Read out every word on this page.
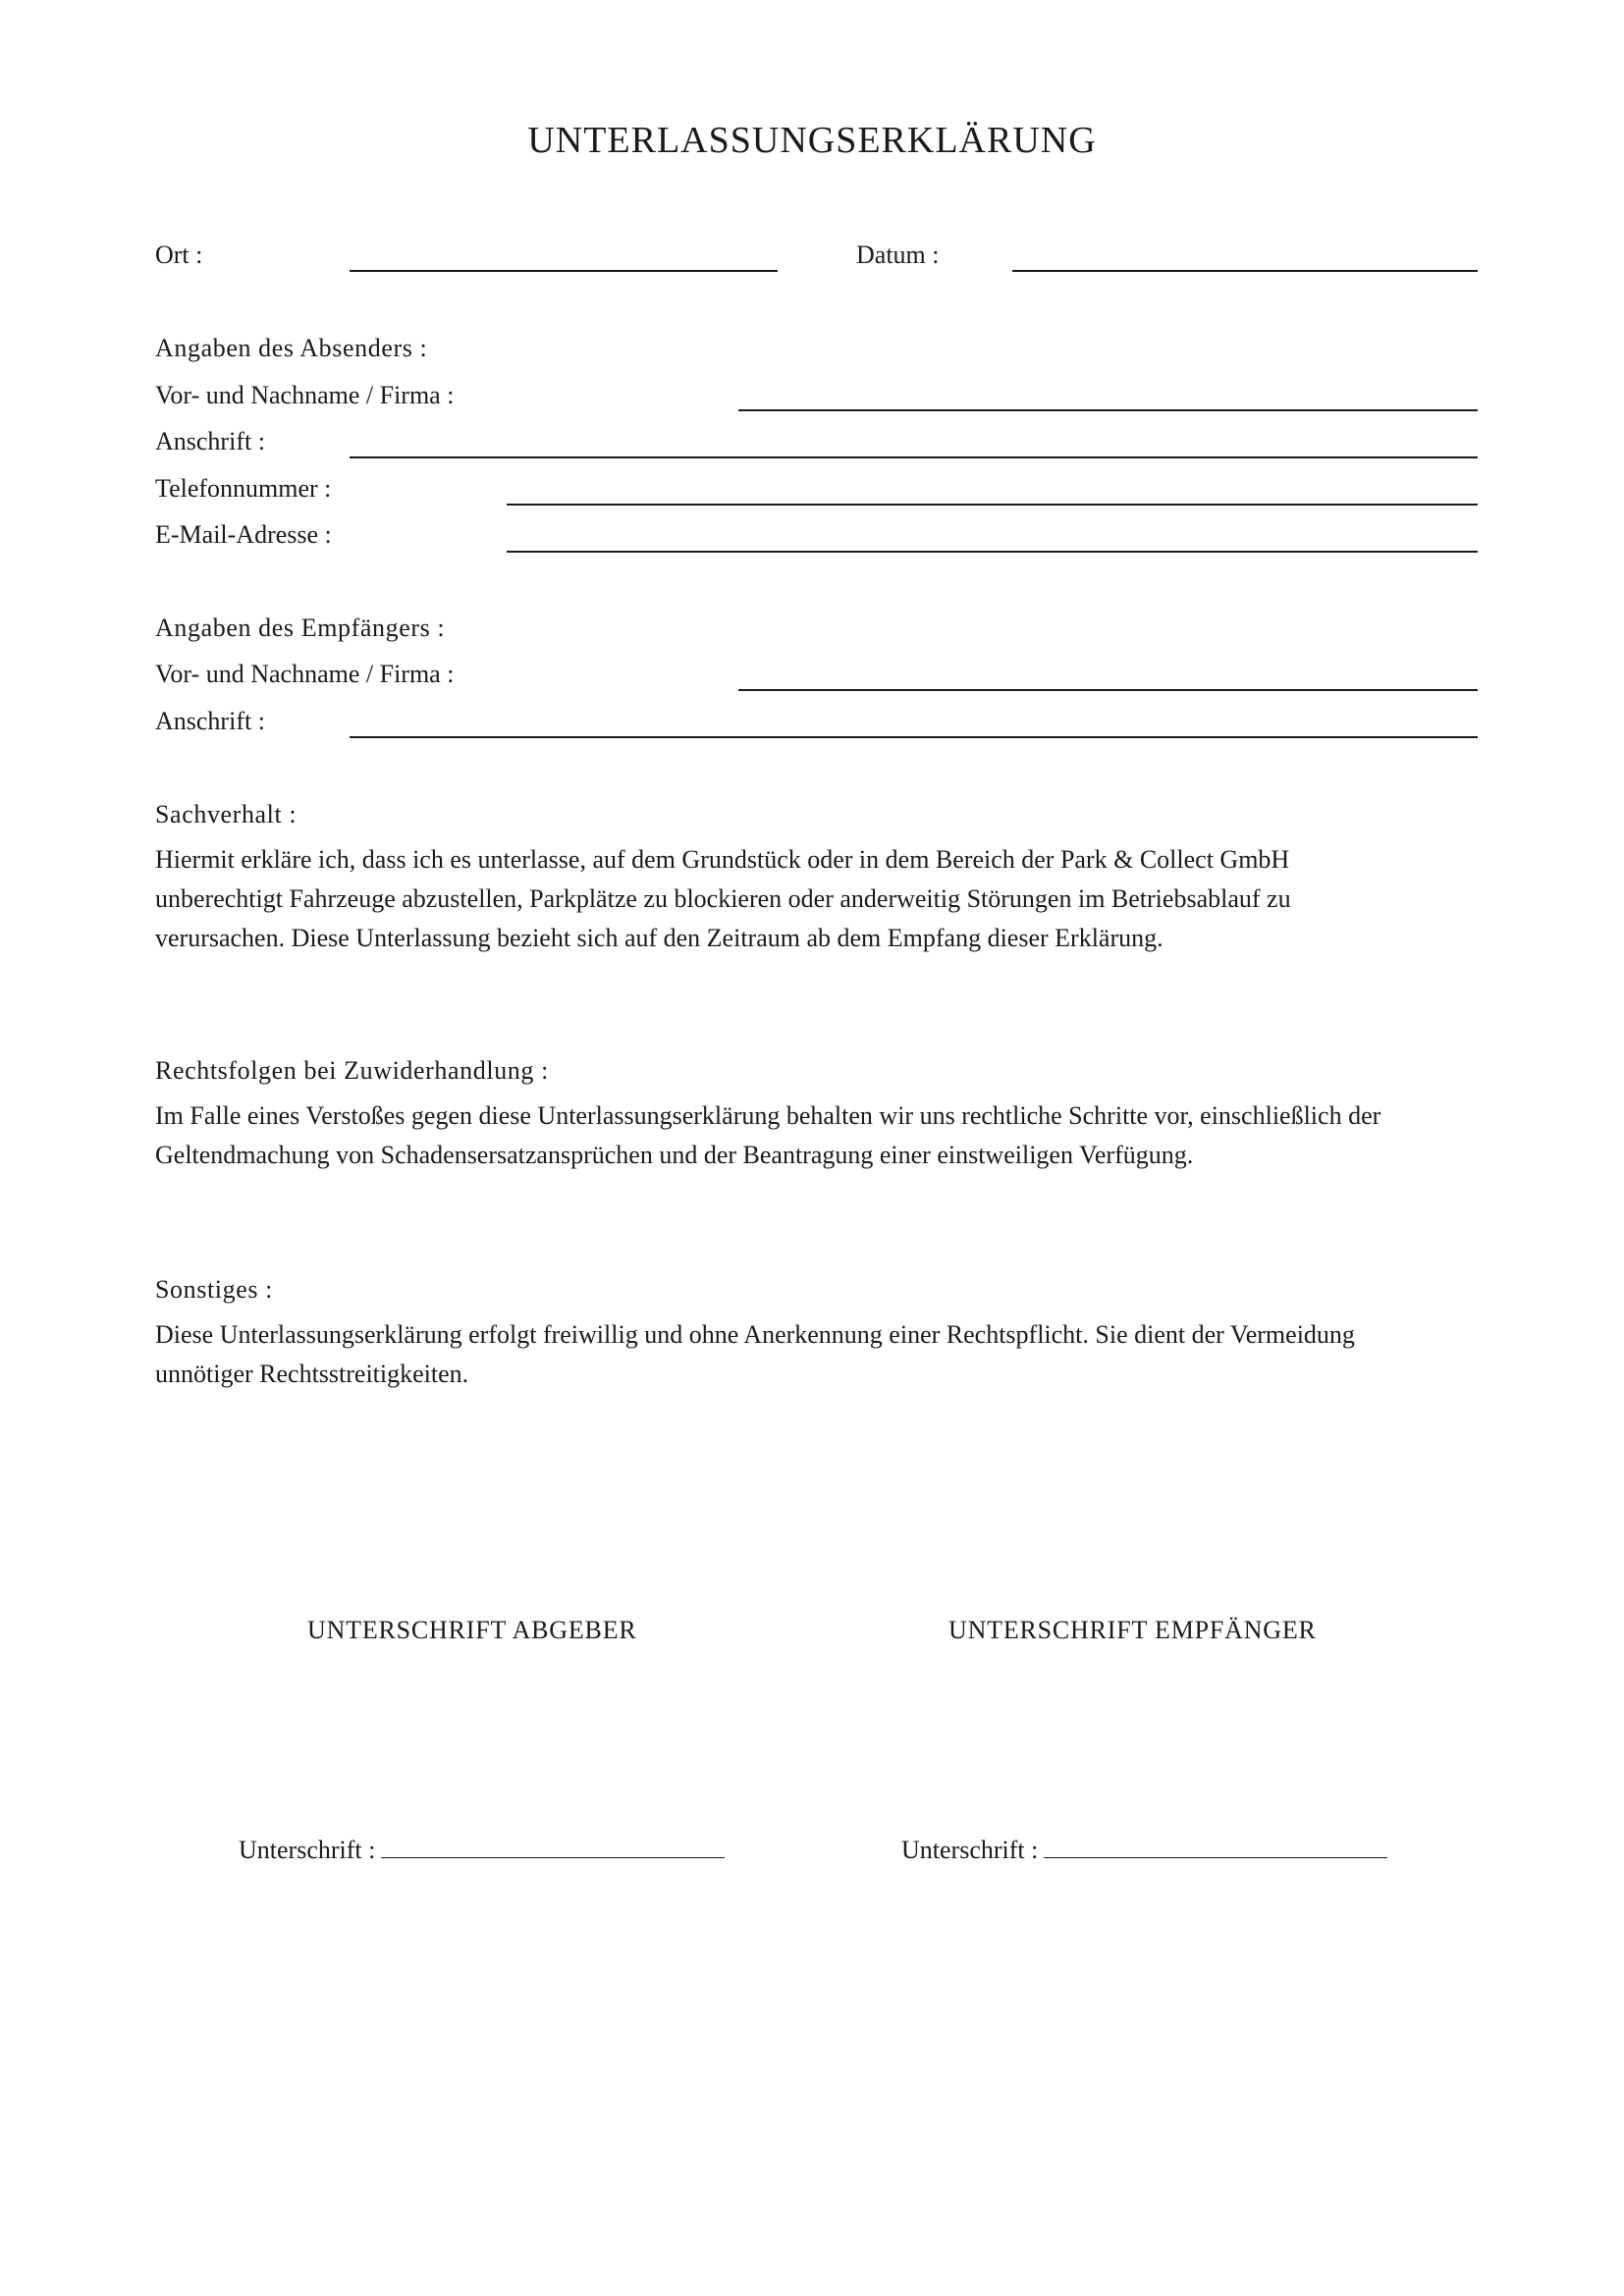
UNTERLASSUNGSERKLÄRUNG
Ort :	Datum :
Angaben des Absenders :
Vor- und Nachname / Firma :
Anschrift :
Telefonnummer :
E-Mail-Adresse :
Angaben des Empfängers :
Vor- und Nachname / Firma :
Anschrift :
Sachverhalt :

Hiermit erkläre ich, dass ich es unterlasse, auf dem Grundstück oder in dem Bereich der Park & Collect GmbH

unberechtigt Fahrzeuge abzustellen, Parkplätze zu blockieren oder anderweitig Störungen im Betriebsablauf zu

verursachen. Diese Unterlassung bezieht sich auf den Zeitraum ab dem Empfang dieser Erklärung.

Rechtsfolgen bei Zuwiderhandlung :

Im Falle eines Verstoßes gegen diese Unterlassungserklärung behalten wir uns rechtliche Schritte vor, einschließlich der

Geltendmachung von Schadensersatzansprüchen und der Beantragung einer einstweiligen Verfügung.

Sonstiges :

Diese Unterlassungserklärung erfolgt freiwillig und ohne Anerkennung einer Rechtspflicht. Sie dient der Vermeidung

unnötiger Rechtsstreitigkeiten.

UNTERSCHRIFT ABGEBER	UNTERSCHRIFT EMPFÄNGER
Unterschrift :	Unterschrift :
